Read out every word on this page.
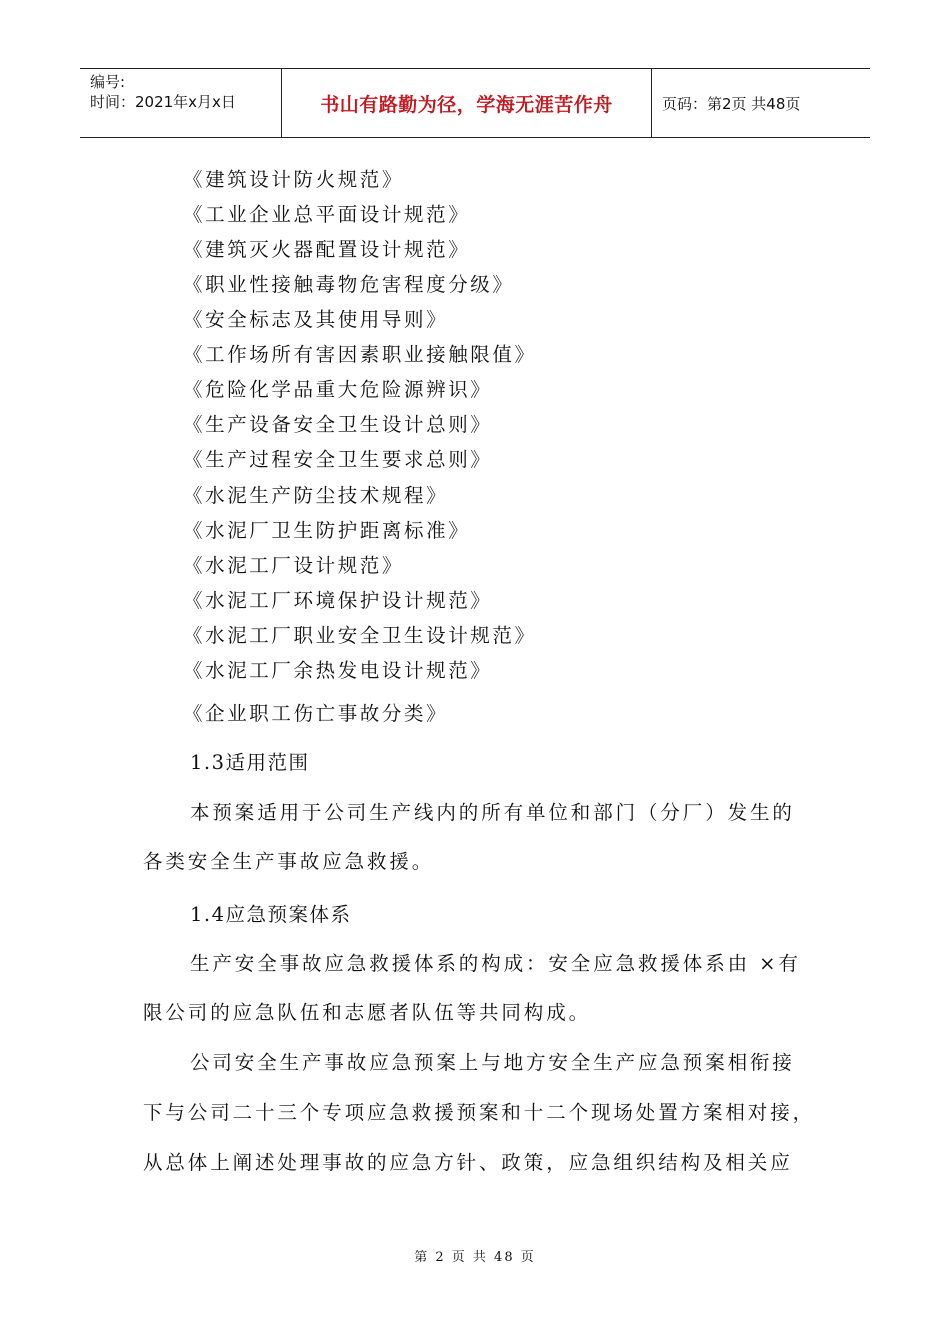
编号:
时间：2021年x月x日	书山有路勤为径，学海无涯苦作舟	页码：第2页 共48页
《建筑设计防火规范》
《工业企业总平面设计规范》
《建筑灭火器配置设计规范》
《职业性接触毒物危害程度分级》
《安全标志及其使用导则》
《工作场所有害因素职业接触限值》
《危险化学品重大危险源辨识》
《生产设备安全卫生设计总则》
《生产过程安全卫生要求总则》
《水泥生产防尘技术规程》
《水泥厂卫生防护距离标准》
《水泥工厂设计规范》
《水泥工厂环境保护设计规范》
《水泥工厂职业安全卫生设计规范》
《水泥工厂余热发电设计规范》
《企业职工伤亡事故分类》
1.3适用范围
本预案适用于公司生产线内的所有单位和部门（分厂）发生的
各类安全生产事故应急救援。
1.4应急预案体系
生产安全事故应急救援体系的构成：安全应急救援体系由 ×有
限公司的应急队伍和志愿者队伍等共同构成。
公司安全生产事故应急预案上与地方安全生产应急预案相衔接
下与公司二十三个专项应急救援预案和十二个现场处置方案相对接，
从总体上阐述处理事故的应急方针、政策，应急组织结构及相关应
第 2 页 共 48 页
